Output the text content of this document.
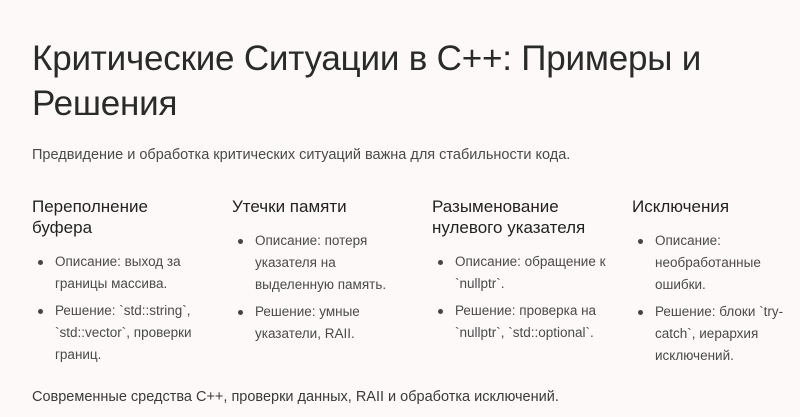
Критические Ситуации в C++: Примеры и Решения

Предвидение и обработка критических ситуаций важна для стабильности кода.

Переполнение буфера
Описание: выход за границы массива.
Решение: `std::string`, `std::vector`, проверки границ.
Утечки памяти
Описание: потеря указателя на выделенную память.
Решение: умные указатели, RAII.
Разыменование нулевого указателя
Описание: обращение к `nullptr`.
Решение: проверка на `nullptr`, `std::optional`.
Исключения
Описание: необработанные ошибки.
Решение: блоки `try-catch`, иерархия исключений.

Современные средства C++, проверки данных, RAII и обработка исключений.
